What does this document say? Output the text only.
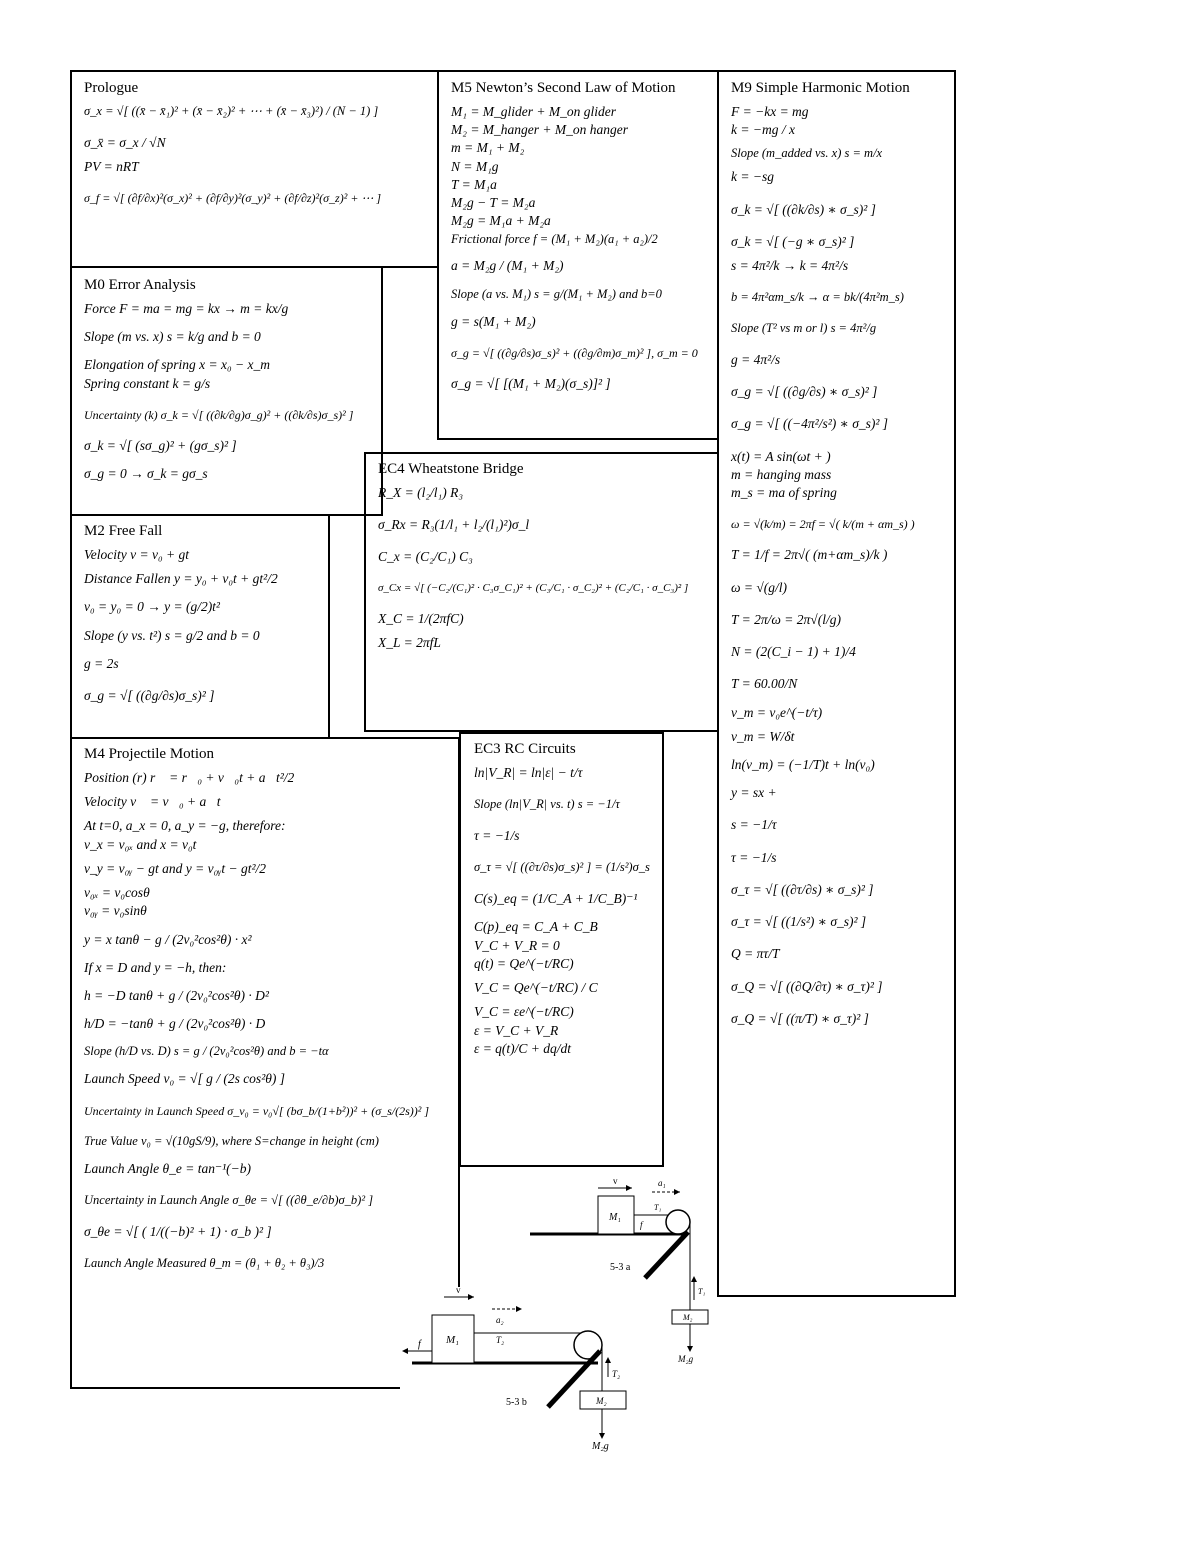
Prologue
σ_x = √[ ((x̄ − x̄₁)² + (x̄ − x̄₂)² + ⋯ + (x̄ − x̄₃)²) / (N − 1) ]
σ_x̄ = σ_x / √N
PV = nRT
σ_f = √[ (∂f/∂x)²(σ_x)² + (∂f/∂y)²(σ_y)² + (∂f/∂z)²(σ_z)² + ⋯ ]
M0 Error Analysis
Force F = ma = mg = kx → m = kx/g
Slope (m vs. x) s = k/g and b = 0
Elongation of spring x = x₀ − x_m
Spring constant k = g/s
Uncertainty (k) σ_k = √[ ((∂k/∂g)σ_g)² + ((∂k/∂s)σ_s)² ]
σ_k = √[ (sσ_g)² + (gσ_s)² ]
σ_g = 0 → σ_k = gσ_s
M2 Free Fall
Velocity v = v₀ + gt
Distance Fallen y = y₀ + v₀t + gt²/2
v₀ = y₀ = 0 → y = (g/2)t²
Slope (y vs. t²) s = g/2 and b = 0
g = 2s
σ_g = √[ ((∂g/∂s)σ_s)² ]
M4 Projectile Motion
Position (r) r⃗ = r⃗₀ + v⃗₀t + a⃗t²/2
Velocity v⃗ = v⃗₀ + a⃗t
At t=0, a_x = 0, a_y = −g, therefore:
v_x = v₀ₓ and x = v₀t
v_y = v₀ᵧ − gt and y = v₀ᵧt − gt²/2
v₀ₓ = v₀cosθ
v₀ᵧ = v₀sinθ
y = x tanθ − g / (2v₀²cos²θ) · x²
If x = D and y = −h, then:
h = −D tanθ + g / (2v₀²cos²θ) · D²
h/D = −tanθ + g / (2v₀²cos²θ) · D
Slope (h/D vs. D) s = g / (2v₀²cos²θ) and b = −tα
Launch Speed v₀ = √[ g / (2s cos²θ) ]
Uncertainty in Launch Speed σ_v₀ = v₀√[ (bσ_b/(1+b²))² + (σ_s/(2s))² ]
True Value v₀ = √(10gS/9), where S=change in height (cm)
Launch Angle θ_e = tan⁻¹(−b)
Uncertainty in Launch Angle σ_θe = √[ ((∂θ_e/∂b)σ_b)² ]
σ_θe = √[ ( 1/((−b)² + 1) · σ_b )² ]
Launch Angle Measured θ_m = (θ₁ + θ₂ + θ₃)/3
M5 Newton’s Second Law of Motion
M₁ = M_glider + M_on glider
M₂ = M_hanger + M_on hanger
m = M₁ + M₂
N = M₁g
T = M₁a
M₂g − T = M₂a
M₂g = M₁a + M₂a
Frictional force f = (M₁ + M₂)(a₁ + a₂)/2
a = M₂g / (M₁ + M₂)
Slope (a vs. M₁) s = g/(M₁ + M₂) and b=0
g = s(M₁ + M₂)
σ_g = √[ ((∂g/∂s)σ_s)² + ((∂g/∂m)σ_m)² ], σ_m = 0
σ_g = √[ [(M₁ + M₂)(σ_s)]² ]
EC4 Wheatstone Bridge
R_X = (l₂/l₁) R₃
σ_Rx = R₃(1/l₁ + l₂/(l₁)²)σ_l
C_x = (C₂/C₁) C₃
σ_Cx = √[ (−C₂/(C₁)² · C₃σ_C₁)² + (C₃/C₁ · σ_C₂)² + (C₂/C₁ · σ_C₃)² ]
X_C = 1/(2πfC)
X_L = 2πfL
EC3 RC Circuits
ln|V_R| = ln|ε| − t/τ
Slope (ln|V_R| vs. t) s = −1/τ
τ = −1/s
σ_τ = √[ ((∂τ/∂s)σ_s)² ] = (1/s²)σ_s
C(s)_eq = (1/C_A + 1/C_B)⁻¹
C(p)_eq = C_A + C_B
V_C + V_R = 0
q(t) = Qe^(−t/RC)
V_C = Qe^(−t/RC) / C
V_C = εe^(−t/RC)
ε = V_C + V_R
ε = q(t)/C + dq/dt
M9 Simple Harmonic Motion
F = −kx = mg
k = −mg / x
Slope (m_added vs. x) s = m/x
k = −sg
σ_k = √[ ((∂k/∂s) ∗ σ_s)² ]
σ_k = √[ (−g ∗ σ_s)² ]
s = 4π²/k → k = 4π²/s
b = 4π²αm_s/k → α = bk/(4π²m_s)
Slope (T² vs m or l) s = 4π²/g
g = 4π²/s
σ_g = √[ ((∂g/∂s) ∗ σ_s)² ]
σ_g = √[ ((−4π²/s²) ∗ σ_s)² ]
x(t) = A sin(ωt + )
m = hanging mass
m_s = ma of spring
ω = √(k/m) = 2πf = √( k/(m + αm_s) )
T = 1/f = 2π√( (m+αm_s)/k )
ω = √(g/l)
T = 2π/ω = 2π√(l/g)
N = (2(C_i − 1) + 1)/4
T = 60.00/N
v_m = v₀e^(−t/τ)
v_m = W/δt
ln(v_m) = (−1/T)t + ln(v₀)
y = sx +
s = −1/τ
τ = −1/s
σ_τ = √[ ((∂τ/∂s) ∗ σ_s)² ]
σ_τ = √[ ((1/s²) ∗ σ_s)² ]
Q = πτ/T
σ_Q = √[ ((∂Q/∂τ) ∗ σ_τ)² ]
σ_Q = √[ ((π/T) ∗ σ_τ)² ]
M₁
v	a₁
T₁
f
T₁
M₂
M₂g
5-3 a
M₁
v
a₂
T₂
f
T₂
M₂
M₂g
5-3 b
